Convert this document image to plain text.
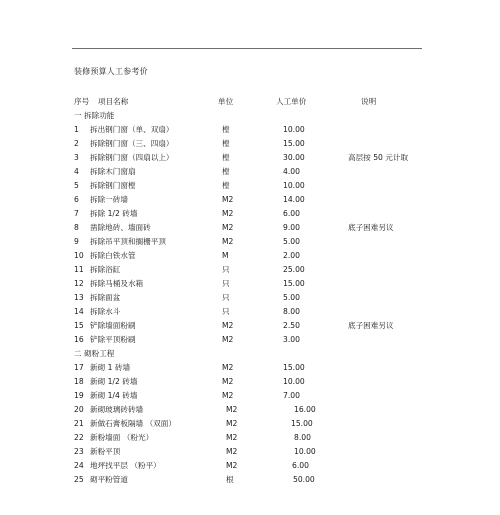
装修预算人工参考价
序号 项目名称	单位	人工单价	说明
一 拆除功能
1 拆出钢门窗（单、双扇）	樘	10.00
2 拆除钢门窗（三、四扇）	樘	15.00
3 拆除钢门窗（四扇以上）	樘	30.00	高层按 50 元计取
4 拆除木门窗扇	樘	4.00
5 拆除钢门窗樘	樘	10.00
6 拆除一砖墙	M2	14.00
7 拆除 1/2 砖墙	M2	6.00
8 凿除地砖、墙面砖	M2	9.00	底子困难另议
9 拆除吊平顶和搁栅平顶	M2	5.00
10 拆除白铁水管	M	2.00
11 拆除浴缸	只	25.00
12 拆除马桶及水箱	只	15.00
13 拆除面盆	只	5.00
14 拆除水斗	只	8.00
15 铲除墙面粉刷	M2	2.50	底子困难另议
16 铲除平顶粉刷	M2	3.00
二 砌粉工程
17 新砌 1 砖墙	M2	15.00
18 新砌 1/2 砖墙	M2	10.00
19 新砌 1/4 砖墙	M2	7.00
20 新砌玻璃砖砖墙	M2	16.00
21 新做石膏板隔墙 （双面）	M2	15.00
22 新粉墙面 （粉光）	M2	8.00
23 新粉平顶	M2	10.00
24 地坪找平层 （粉平）	M2	6.00
25 砌平粉管道	根	50.00
